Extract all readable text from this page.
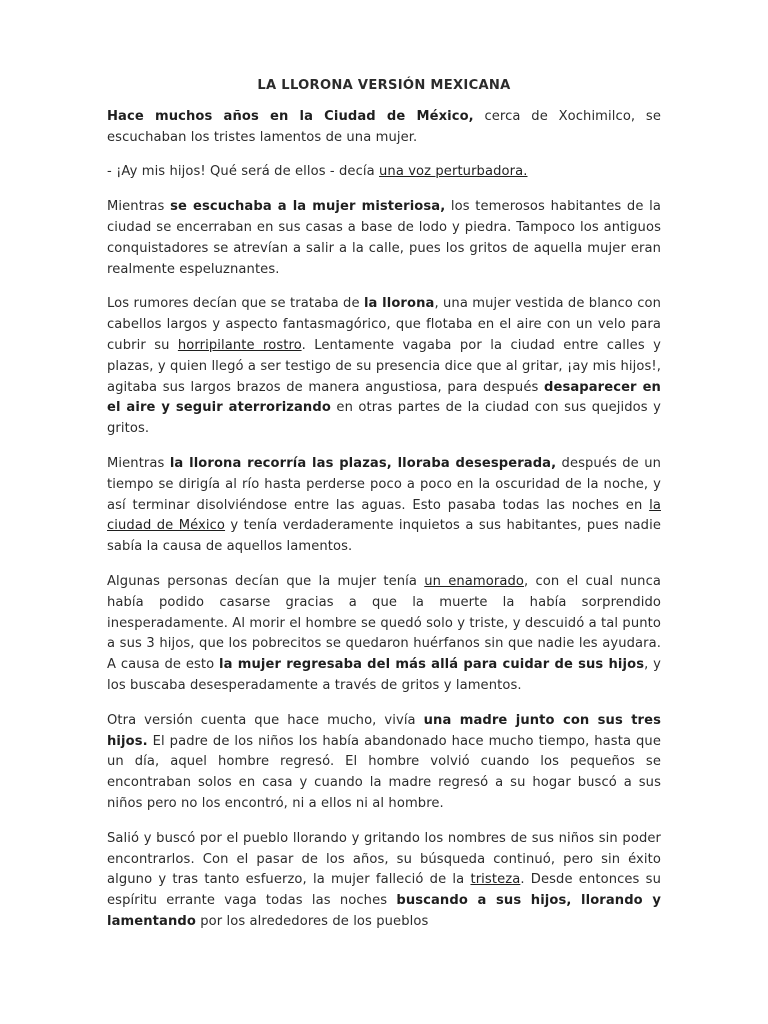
LA LLORONA VERSIÓN MEXICANA

Hace muchos años en la Ciudad de México, cerca de Xochimilco, se escuchaban los tristes lamentos de una mujer.

- ¡Ay mis hijos! Qué será de ellos - decía una voz perturbadora.

Mientras se escuchaba a la mujer misteriosa, los temerosos habitantes de la ciudad se encerraban en sus casas a base de lodo y piedra. Tampoco los antiguos conquistadores se atrevían a salir a la calle, pues los gritos de aquella mujer eran realmente espeluznantes.

Los rumores decían que se trataba de la llorona, una mujer vestida de blanco con cabellos largos y aspecto fantasmagórico, que flotaba en el aire con un velo para cubrir su horripilante rostro. Lentamente vagaba por la ciudad entre calles y plazas, y quien llegó a ser testigo de su presencia dice que al gritar, ¡ay mis hijos!, agitaba sus largos brazos de manera angustiosa, para después desaparecer en el aire y seguir aterrorizando en otras partes de la ciudad con sus quejidos y gritos.

Mientras la llorona recorría las plazas, lloraba desesperada, después de un tiempo se dirigía al río hasta perderse poco a poco en la oscuridad de la noche, y así terminar disolviéndose entre las aguas. Esto pasaba todas las noches en la ciudad de México y tenía verdaderamente inquietos a sus habitantes, pues nadie sabía la causa de aquellos lamentos.

Algunas personas decían que la mujer tenía un enamorado, con el cual nunca había podido casarse gracias a que la muerte la había sorprendido inesperadamente. Al morir el hombre se quedó solo y triste, y descuidó a tal punto a sus 3 hijos, que los pobrecitos se quedaron huérfanos sin que nadie les ayudara. A causa de esto la mujer regresaba del más allá para cuidar de sus hijos, y los buscaba desesperadamente a través de gritos y lamentos.

Otra versión cuenta que hace mucho, vivía una madre junto con sus tres hijos. El padre de los niños los había abandonado hace mucho tiempo, hasta que un día, aquel hombre regresó. El hombre volvió cuando los pequeños se encontraban solos en casa y cuando la madre regresó a su hogar buscó a sus niños pero no los encontró, ni a ellos ni al hombre.

Salió y buscó por el pueblo llorando y gritando los nombres de sus niños sin poder encontrarlos. Con el pasar de los años, su búsqueda continuó, pero sin éxito alguno y tras tanto esfuerzo, la mujer falleció de la tristeza. Desde entonces su espíritu errante vaga todas las noches buscando a sus hijos, llorando y lamentando por los alrededores de los pueblos
